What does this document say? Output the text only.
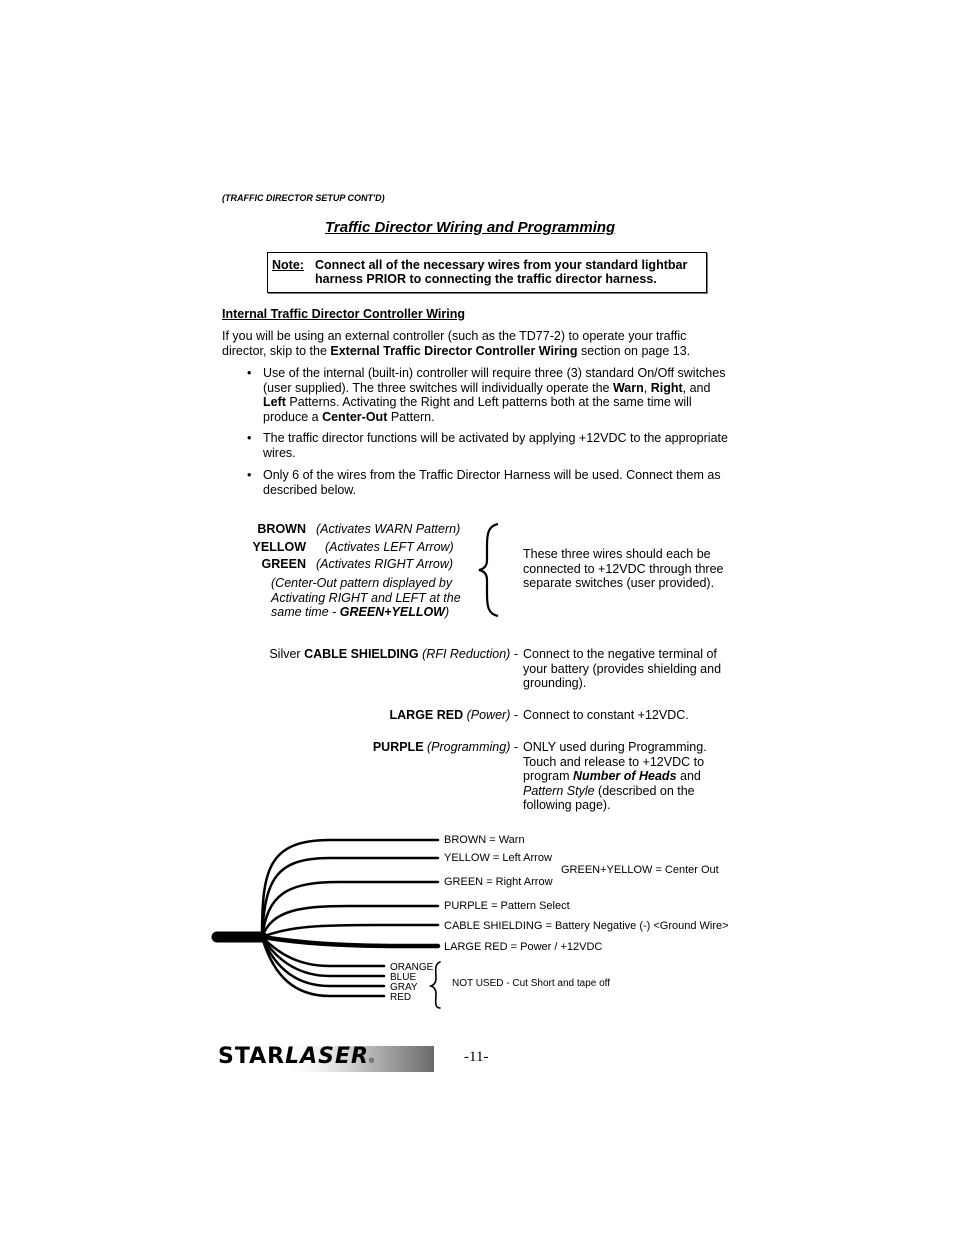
(TRAFFIC DIRECTOR SETUP CONT'D)
Traffic Director Wiring and Programming
Note: Connect all of the necessary wires from your standard lightbar
harness PRIOR to connecting the traffic director harness.
Internal Traffic Director Controller Wiring

If you will be using an external controller (such as the TD77-2) to operate your traffic

director, skip to the External Traffic Director Controller Wiring section on page 13.

• Use of the internal (built-in) controller will require three (3) standard On/Off switches

(user supplied). The three switches will individually operate the Warn, Right, and

Left Patterns. Activating the Right and Left patterns both at the same time will

produce a Center-Out Pattern.

• The traffic director functions will be activated by applying +12VDC to the appropriate

wires.

• Only 6 of the wires from the Traffic Director Harness will be used. Connect them as

described below.

BROWN (Activates WARN Pattern)
YELLOW (Activates LEFT Arrow)
GREEN (Activates RIGHT Arrow)

(Center-Out pattern displayed by

Activating RIGHT and LEFT at the

same time - GREEN+YELLOW)

These three wires should each be

connected to +12VDC through three

separate switches (user provided).

Silver CABLE SHIELDING (RFI Reduction) - Connect to the negative terminal of

your battery (provides shielding and

grounding).

LARGE RED (Power) - Connect to constant +12VDC.
PURPLE (Programming) - ONLY used during Programming.

Touch and release to +12VDC to

program Number of Heads and

Pattern Style (described on the

following page).

BROWN = Warn
YELLOW = Left Arrow
GREEN+YELLOW = Center Out
GREEN = Right Arrow
PURPLE = Pattern Select
CABLE SHIELDING = Battery Negative (-) <Ground Wire>
LARGE RED = Power / +12VDC
ORANGE
BLUE
GRAY
RED
NOT USED - Cut Short and tape off
STARLASER®	-11-
